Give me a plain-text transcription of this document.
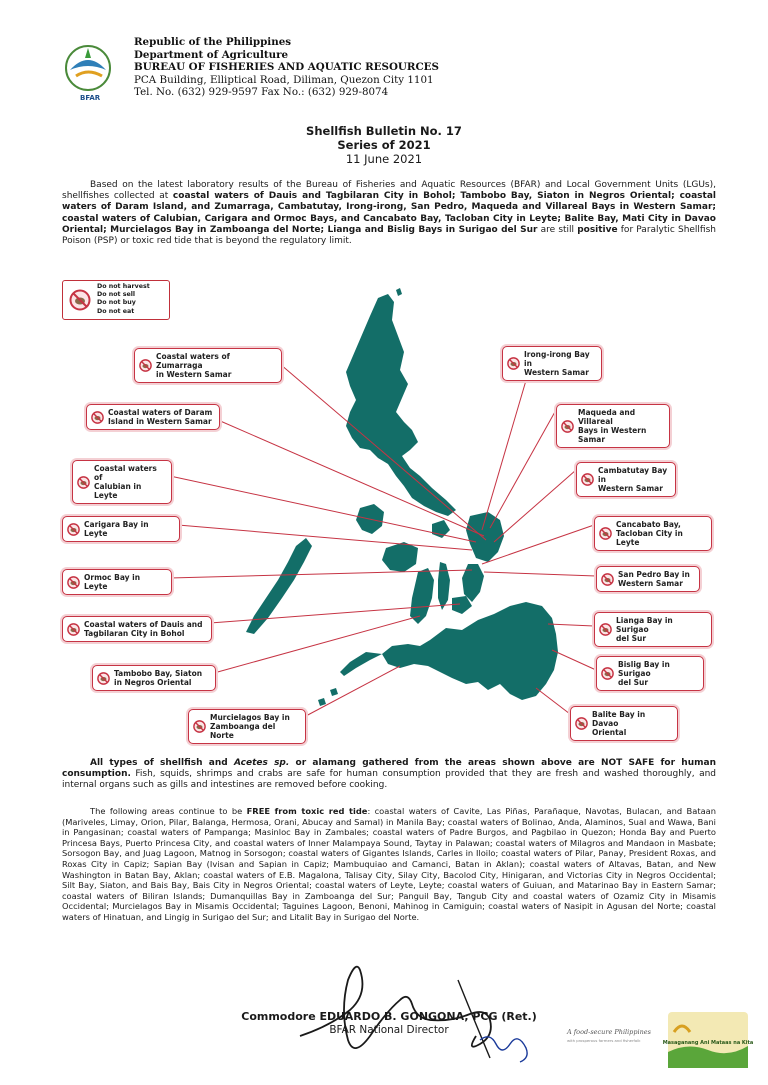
BFAR
Republic of the Philippines
Department of Agriculture
BUREAU OF FISHERIES AND AQUATIC RESOURCES
PCA Building, Elliptical Road, Diliman, Quezon City 1101
Tel. No. (632) 929-9597 Fax No.: (632) 929-8074
Shellfish Bulletin No. 17
Series of 2021
11 June 2021

Based on the latest laboratory results of the Bureau of Fisheries and Aquatic Resources (BFAR) and Local Government Units (LGUs), shellfishes collected at coastal waters of Dauis and Tagbilaran City in Bohol; Tambobo Bay, Siaton in Negros Oriental; coastal waters of Daram Island, and Zumarraga, Cambatutay, Irong-irong, San Pedro, Maqueda and Villareal Bays in Western Samar; coastal waters of Calubian, Carigara and Ormoc Bays, and Cancabato Bay, Tacloban City in Leyte; Balite Bay, Mati City in Davao Oriental; Murcielagos Bay in Zamboanga del Norte; Lianga and Bislig Bays in Surigao del Sur are still positive for Paralytic Shellfish Poison (PSP) or toxic red tide that is beyond the regulatory limit.

Do not harvest
Do not sell
Do not buy
Do not eat
Coastal waters of Zumarraga
in Western Samar
Coastal waters of Daram
Island in Western Samar
Coastal waters of
Calubian in Leyte
Carigara Bay in Leyte
Ormoc Bay in Leyte
Coastal waters of Dauis and
Tagbilaran City in Bohol
Tambobo Bay, Siaton
in Negros Oriental
Murcielagos Bay in
Zamboanga del Norte
Irong-irong Bay in
Western Samar
Maqueda and Villareal
Bays in Western Samar
Cambatutay Bay in
Western Samar
Cancabato Bay,
Tacloban City in Leyte
San Pedro Bay in
Western Samar
Lianga Bay in Surigao
del Sur
Bislig Bay in Surigao
del Sur
Balite Bay in Davao
Oriental

All types of shellfish and Acetes sp. or alamang gathered from the areas shown above are NOT SAFE for human consumption. Fish, squids, shrimps and crabs are safe for human consumption provided that they are fresh and washed thoroughly, and internal organs such as gills and intestines are removed before cooking.

The following areas continue to be FREE from toxic red tide: coastal waters of Cavite, Las Piñas, Parañaque, Navotas, Bulacan, and Bataan (Mariveles, Limay, Orion, Pilar, Balanga, Hermosa, Orani, Abucay and Samal) in Manila Bay; coastal waters of Bolinao, Anda, Alaminos, Sual and Wawa, Bani in Pangasinan; coastal waters of Pampanga; Masinloc Bay in Zambales; coastal waters of Padre Burgos, and Pagbilao in Quezon; Honda Bay and Puerto Princesa Bays, Puerto Princesa City, and coastal waters of Inner Malampaya Sound, Taytay in Palawan; coastal waters of Milagros and Mandaon in Masbate; Sorsogon Bay, and Juag Lagoon, Matnog in Sorsogon; coastal waters of Gigantes Islands, Carles in Iloilo; coastal waters of Pilar, Panay, President Roxas, and Roxas City in Capiz; Sapian Bay (Ivisan and Sapian in Capiz; Mambuquiao and Camanci, Batan in Aklan); coastal waters of Altavas, Batan, and New Washington in Batan Bay, Aklan; coastal waters of E.B. Magalona, Talisay City, Silay City, Bacolod City, Hinigaran, and Victorias City in Negros Occidental; Silt Bay, Siaton, and Bais Bay, Bais City in Negros Oriental; coastal waters of Leyte, Leyte; coastal waters of Guiuan, and Matarinao Bay in Eastern Samar; coastal waters of Biliran Islands; Dumanquillas Bay in Zamboanga del Sur; Panguil Bay, Tangub City and coastal waters of Ozamiz City in Misamis Occidental; Murcielagos Bay in Misamis Occidental; Taguines Lagoon, Benoni, Mahinog in Camiguin; coastal waters of Nasipit in Agusan del Norte; coastal waters of Hinatuan, and Lingig in Surigao del Sur; and Litalit Bay in Surigao del Norte.

Commodore EDUARDO B. GONGONA, PCG (Ret.)
BFAR National Director	A food-secure Philippines
with prosperous farmers and fisherfolk	Masaganang Ani Mataas na Kita
